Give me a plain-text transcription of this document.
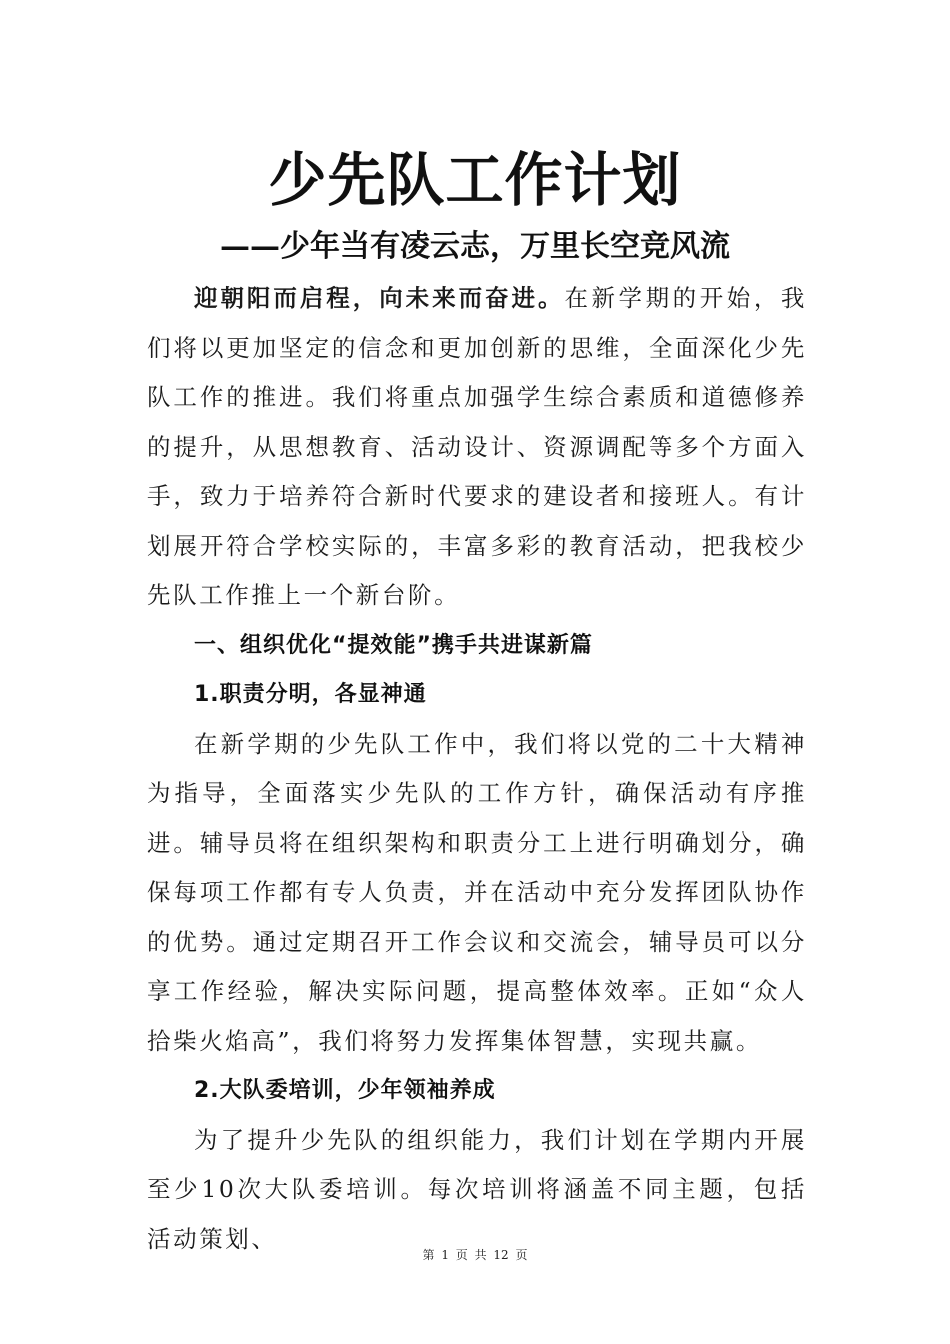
少先队工作计划
——少年当有凌云志，万里长空竞风流

迎朝阳而启程，向未来而奋进。在新学期的开始，我们将以更加坚定的信念和更加创新的思维，全面深化少先队工作的推进。我们将重点加强学生综合素质和道德修养的提升，从思想教育、活动设计、资源调配等多个方面入手，致力于培养符合新时代要求的建设者和接班人。有计划展开符合学校实际的，丰富多彩的教育活动，把我校少先队工作推上一个新台阶。

一、组织优化“提效能”携手共进谋新篇

1.职责分明，各显神通

在新学期的少先队工作中，我们将以党的二十大精神为指导，全面落实少先队的工作方针，确保活动有序推进。辅导员将在组织架构和职责分工上进行明确划分，确保每项工作都有专人负责，并在活动中充分发挥团队协作的优势。通过定期召开工作会议和交流会，辅导员可以分享工作经验，解决实际问题，提高整体效率。正如“众人拾柴火焰高”，我们将努力发挥集体智慧，实现共赢。

2.大队委培训，少年领袖养成

为了提升少先队的组织能力，我们计划在学期内开展至少10次大队委培训。每次培训将涵盖不同主题，包括活动策划、

第 1 页 共 12 页
